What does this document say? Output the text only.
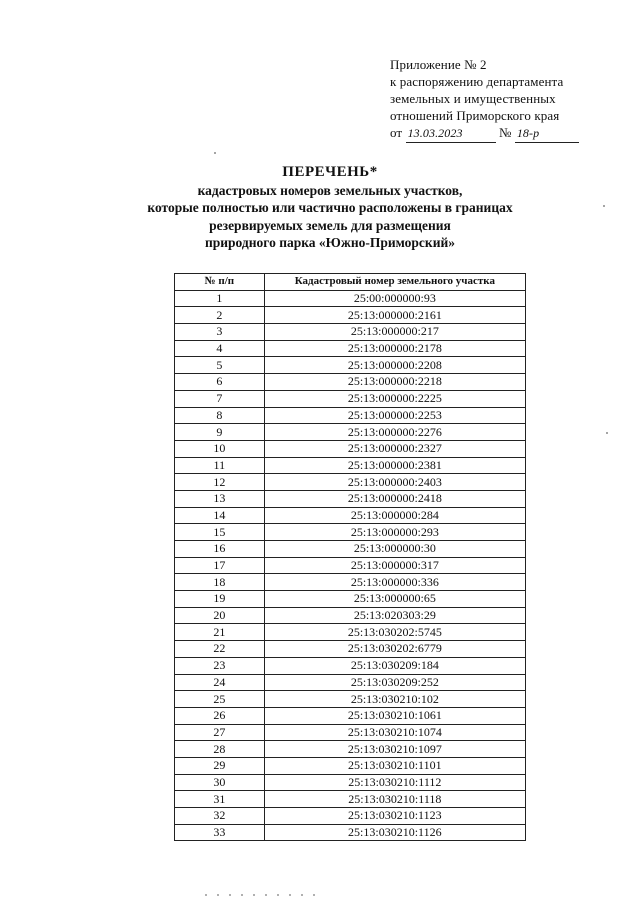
Приложение № 2
к распоряжению департамента
земельных и имущественных
отношений Приморского края
от 13.03.2023	№ 18-р
ПЕРЕЧЕНЬ*
кадастровых номеров земельных участков,
которые полностью или частично расположены в границах
резервируемых земель для размещения
природного парка «Южно-Приморский»
№ п/п	Кадастровый номер земельного участка
1	25:00:000000:93
2	25:13:000000:2161
3	25:13:000000:217
4	25:13:000000:2178
5	25:13:000000:2208
6	25:13:000000:2218
7	25:13:000000:2225
8	25:13:000000:2253
9	25:13:000000:2276
10	25:13:000000:2327
11	25:13:000000:2381
12	25:13:000000:2403
13	25:13:000000:2418
14	25:13:000000:284
15	25:13:000000:293
16	25:13:000000:30
17	25:13:000000:317
18	25:13:000000:336
19	25:13:000000:65
20	25:13:020303:29
21	25:13:030202:5745
22	25:13:030202:6779
23	25:13:030209:184
24	25:13:030209:252
25	25:13:030210:102
26	25:13:030210:1061
27	25:13:030210:1074
28	25:13:030210:1097
29	25:13:030210:1101
30	25:13:030210:1112
31	25:13:030210:1118
32	25:13:030210:1123
33	25:13:030210:1126
